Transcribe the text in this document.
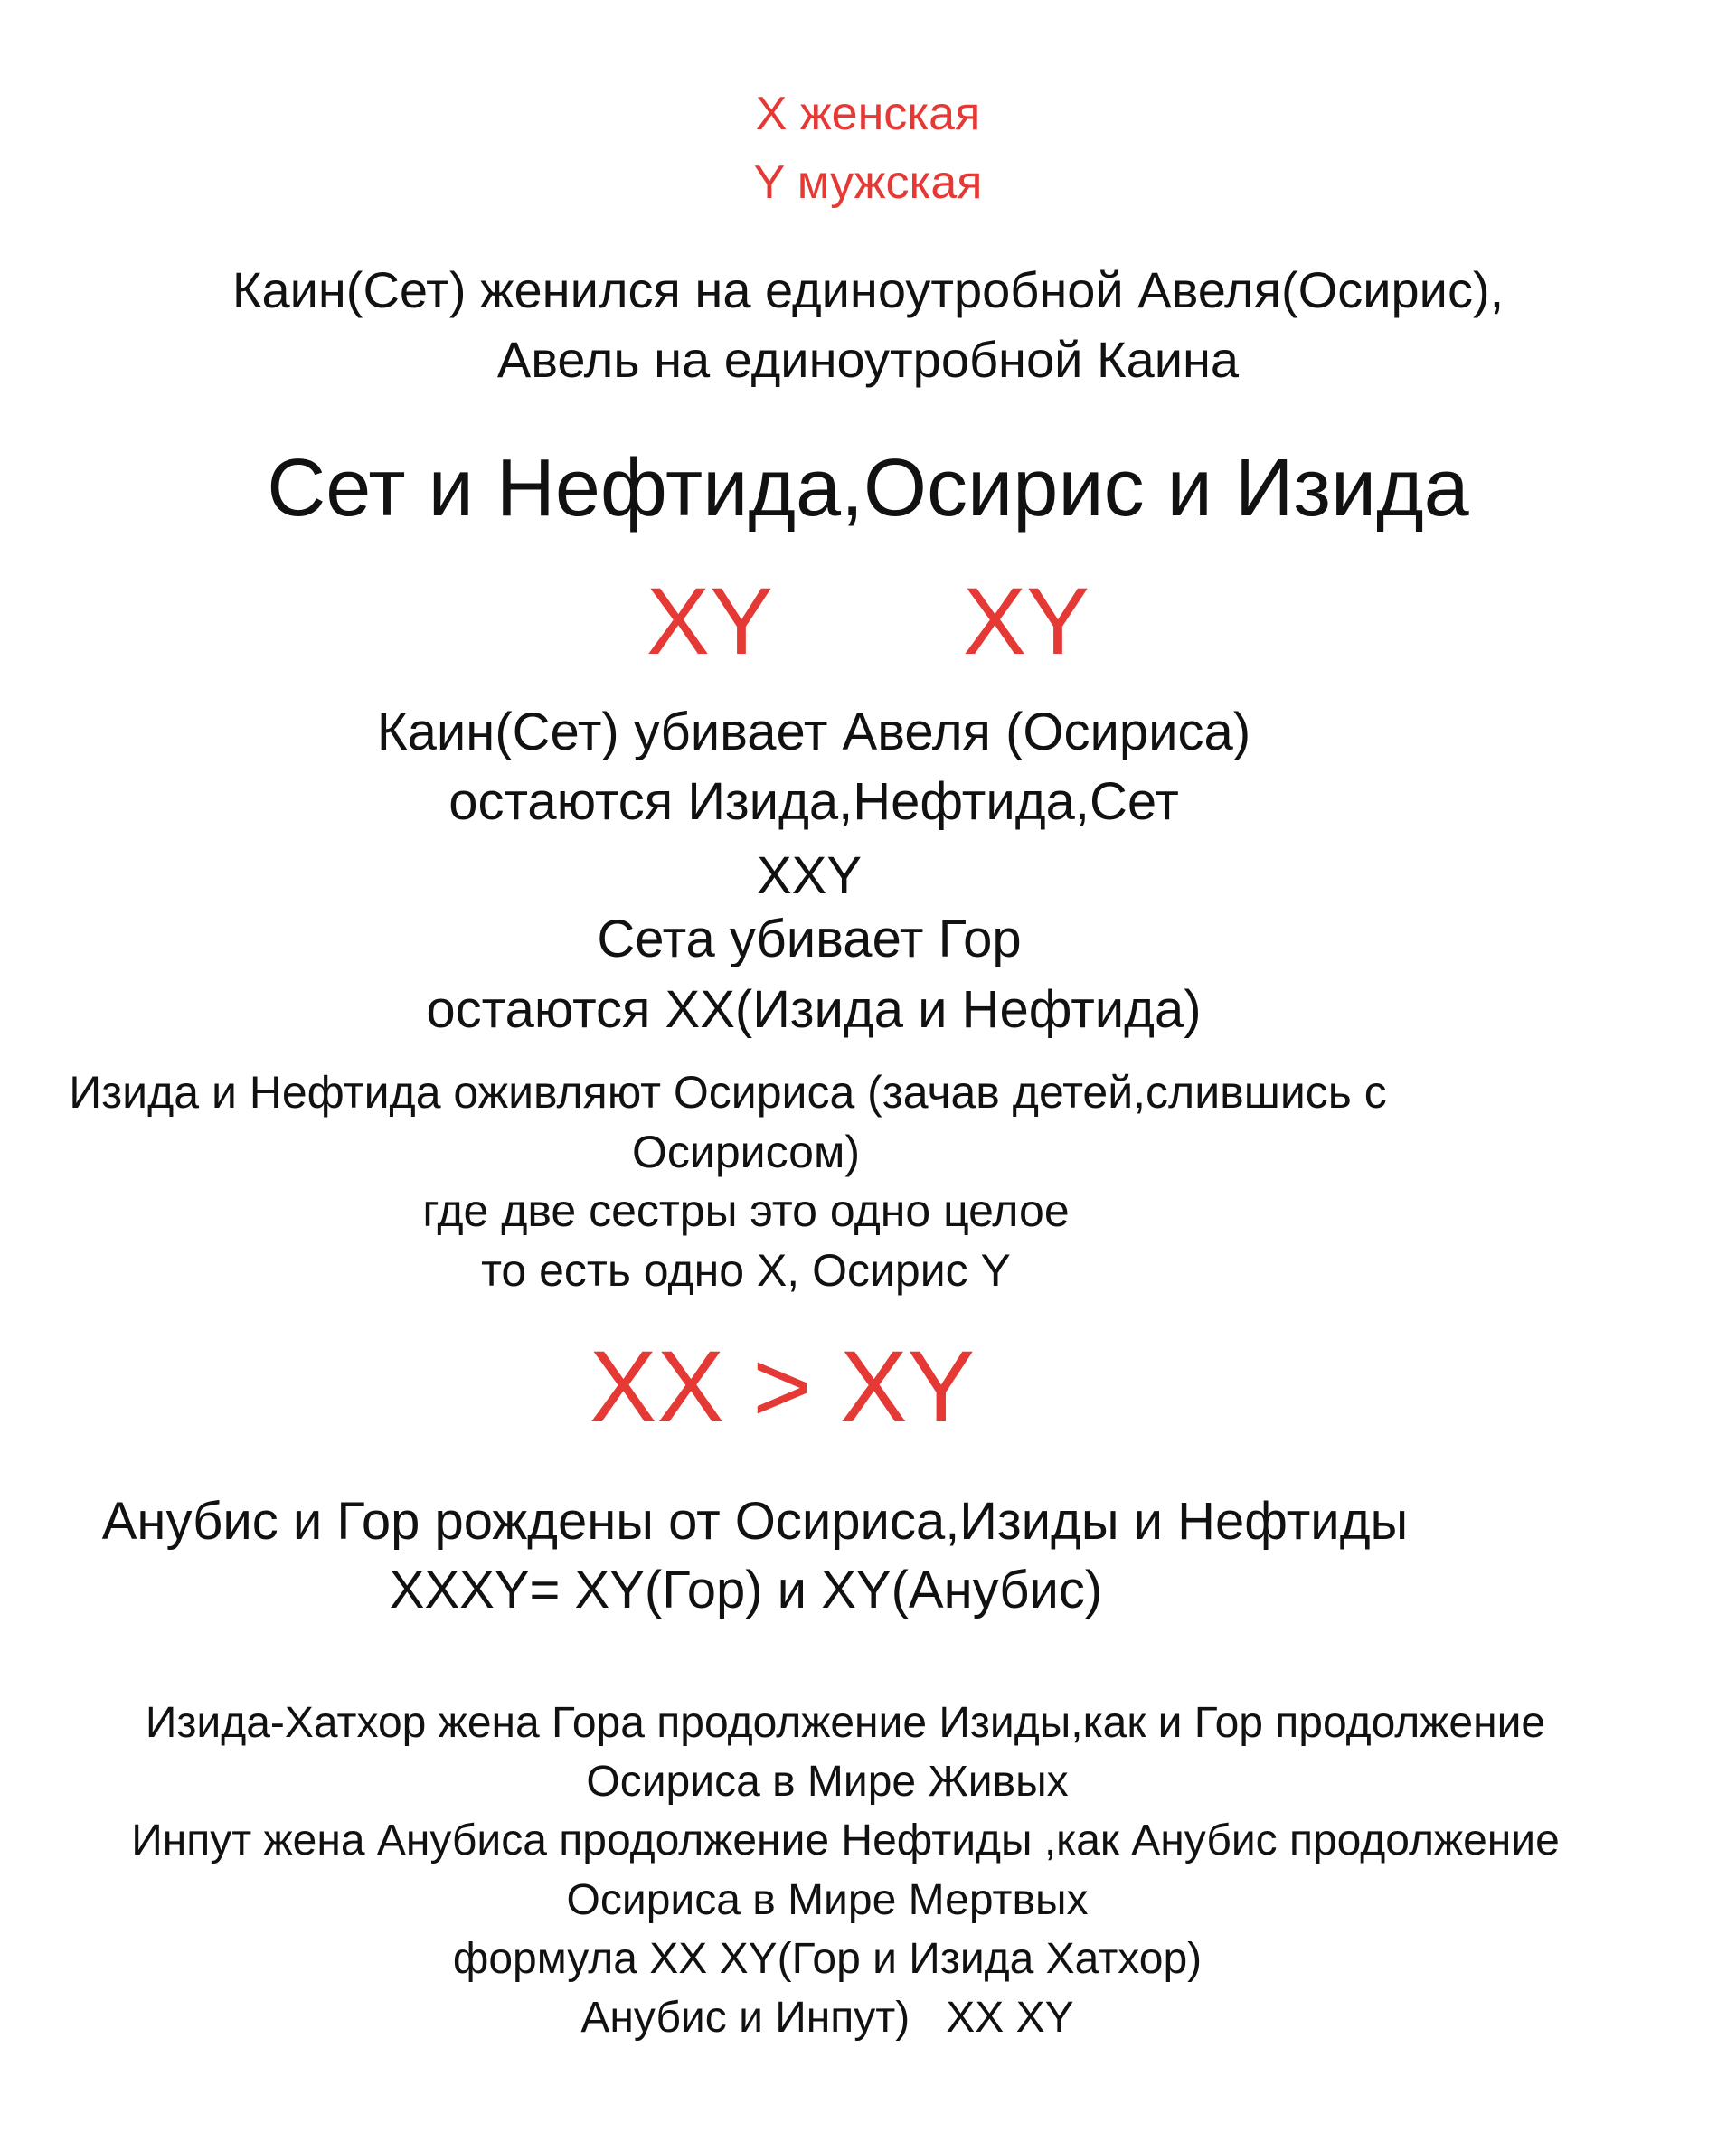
X женская
Y мужская
Каин(Сет) женился на единоутробной Авеля(Осирис),
Авель на единоутробной Каина
Сет и Нефтида,Осирис и Изида
XY XY
Каин(Сет) убивает Авеля (Осириса)
остаются Изида,Нефтида,Сет
XXY
Сета убивает Гор
остаются XX(Изида и Нефтида)
Изида и Нефтида оживляют Осириса (зачав детей,слившись с
Осирисом)
где две сестры это одно целое
то есть одно X, Осирис Y
XX > XY
Анубис и Гор рождены от Осириса,Изиды и Нефтиды
XXXY= XY(Гор) и XY(Анубис)
Изида-Хатхор жена Гора продолжение Изиды,как и Гор продолжение
Осириса в Мире Живых
Инпут жена Анубиса продолжение Нефтиды ,как Анубис продолжение
Осириса в Мире Мертвых
формула XX XY(Гор и Изида Хатхор)
Анубис и Инпут)   XX XY
